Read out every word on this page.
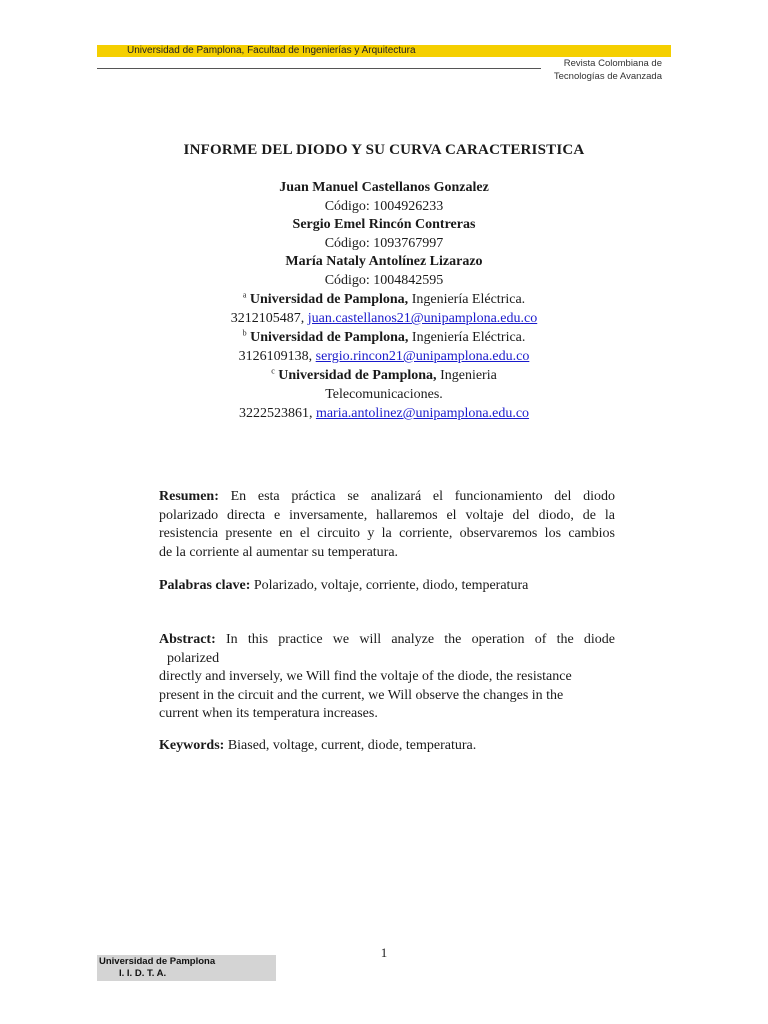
Universidad de Pamplona, Facultad de Ingenierías y Arquitectura
Revista Colombiana de
Tecnologías de Avanzada
INFORME DEL DIODO Y SU CURVA CARACTERISTICA
Juan Manuel Castellanos Gonzalez
Código: 1004926233
Sergio Emel Rincón Contreras
Código: 1093767997
María Nataly Antolínez Lizarazo
Código: 1004842595
$^a$ Universidad de Pamplona, Ingeniería Eléctrica.
3212105487, juan.castellanos21@unipamplona.edu.co
$^b$ Universidad de Pamplona, Ingeniería Eléctrica.
3126109138, sergio.rincon21@unipamplona.edu.co
$^c$ Universidad de Pamplona, Ingenieria
Telecomunicaciones.
3222523861, maria.antolinez@unipamplona.edu.co
Resumen: En esta práctica se analizará el funcionamiento del diodo
polarizado directa e inversamente, hallaremos el voltaje del diodo, de la
resistencia presente en el circuito y la corriente, observaremos los cambios
de la corriente al aumentar su temperatura.
Palabras clave: Polarizado, voltaje, corriente, diodo, temperatura
Abstract: In this practice we will analyze the operation of the diode
polarized
directly and inversely, we Will find the voltaje of the diode, the resistance
present in the circuit and the current, we Will observe the changes in the
current when its temperatura increases.
Keywords: Biased, voltage, current, diode, temperatura.
1
Universidad de Pamplona
I. I. D. T. A.
